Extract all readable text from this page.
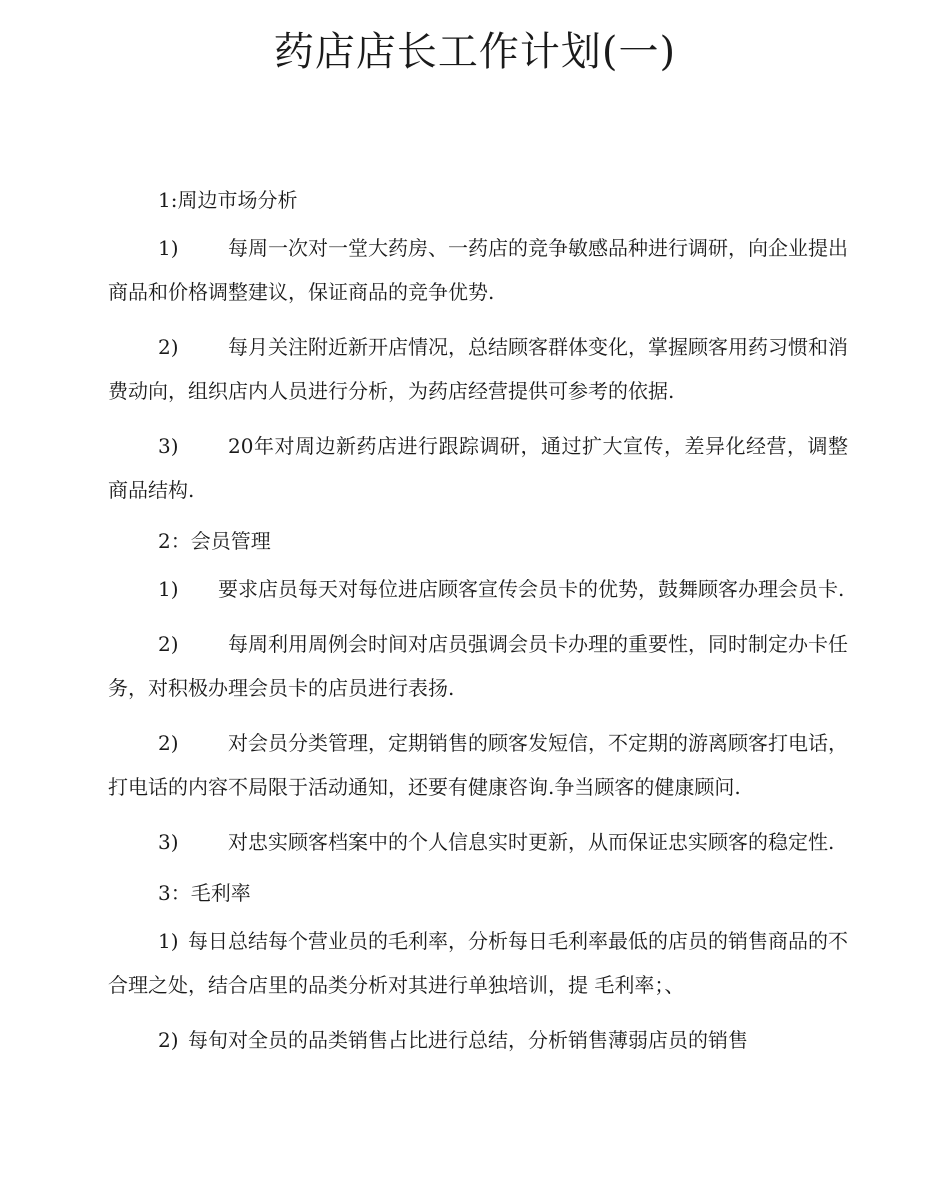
药店店长工作计划(一)
1:周边市场分析

1) 每周一次对一堂大药房、一药店的竞争敏感品种进行调研，向企业提出商品和价格调整建议，保证商品的竞争优势.

2) 每月关注附近新开店情况，总结顾客群体变化，掌握顾客用药习惯和消费动向，组织店内人员进行分析，为药店经营提供可参考的依据.

3) 20年对周边新药店进行跟踪调研，通过扩大宣传，差异化经营，调整商品结构.

2：会员管理

1) 要求店员每天对每位进店顾客宣传会员卡的优势，鼓舞顾客办理会员卡.

2) 每周利用周例会时间对店员强调会员卡办理的重要性，同时制定办卡任务，对积极办理会员卡的店员进行表扬.

2) 对会员分类管理，定期销售的顾客发短信，不定期的游离顾客打电话，打电话的内容不局限于活动通知，还要有健康咨询.争当顾客的健康顾问.

3) 对忠实顾客档案中的个人信息实时更新，从而保证忠实顾客的稳定性.

3：毛利率

1) 每日总结每个营业员的毛利率，分析每日毛利率最低的店员的销售商品的不合理之处，结合店里的品类分析对其进行单独培训，提 毛利率；、

2) 每旬对全员的品类销售占比进行总结，分析销售薄弱店员的销售
